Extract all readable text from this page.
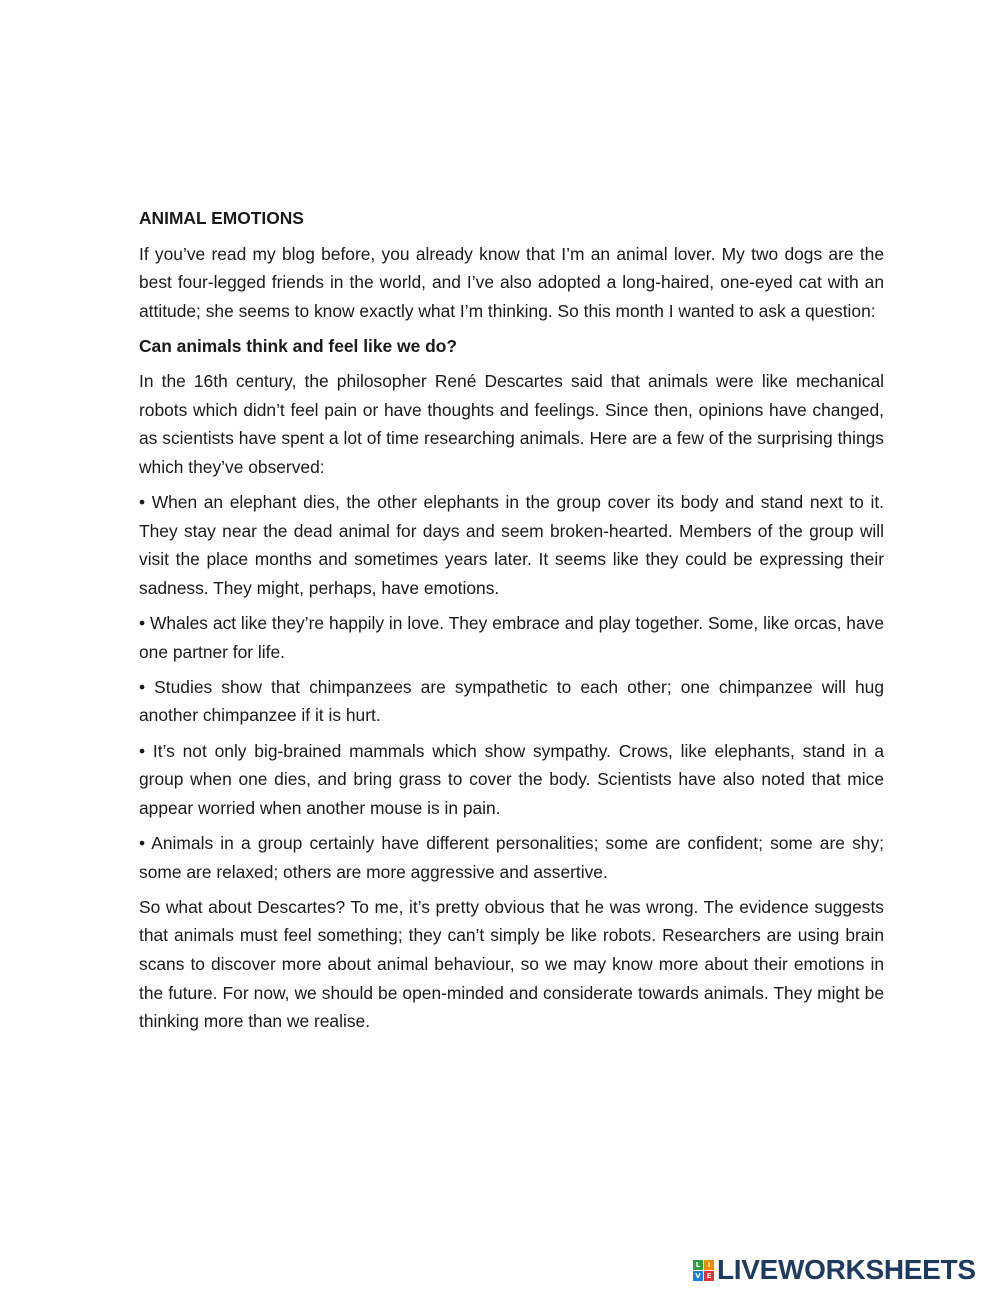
ANIMAL EMOTIONS

If you’ve read my blog before, you already know that I’m an animal lover. My two dogs are the best four-legged friends in the world, and I’ve also adopted a long-haired, one-eyed cat with an attitude; she seems to know exactly what I’m thinking. So this month I wanted to ask a question:

Can animals think and feel like we do?

In the 16th century, the philosopher René Descartes said that animals were like mechanical robots which didn’t feel pain or have thoughts and feelings. Since then, opinions have changed, as scientists have spent a lot of time researching animals. Here are a few of the surprising things which they’ve observed:

• When an elephant dies, the other elephants in the group cover its body and stand next to it. They stay near the dead animal for days and seem broken-hearted. Members of the group will visit the place months and sometimes years later. It seems like they could be expressing their sadness. They might, perhaps, have emotions.

• Whales act like they’re happily in love. They embrace and play together. Some, like orcas, have one partner for life.

• Studies show that chimpanzees are sympathetic to each other; one chimpanzee will hug another chimpanzee if it is hurt.

• It’s not only big-brained mammals which show sympathy. Crows, like elephants, stand in a group when one dies, and bring grass to cover the body. Scientists have also noted that mice appear worried when another mouse is in pain.

• Animals in a group certainly have different personalities; some are confident; some are shy; some are relaxed; others are more aggressive and assertive.

So what about Descartes? To me, it’s pretty obvious that he was wrong. The evidence suggests that animals must feel something; they can’t simply be like robots. Researchers are using brain scans to discover more about animal behaviour, so we may know more about their emotions in the future. For now, we should be open-minded and considerate towards animals. They might be thinking more than we realise.

L	I
V E LIVEWORKSHEETS
